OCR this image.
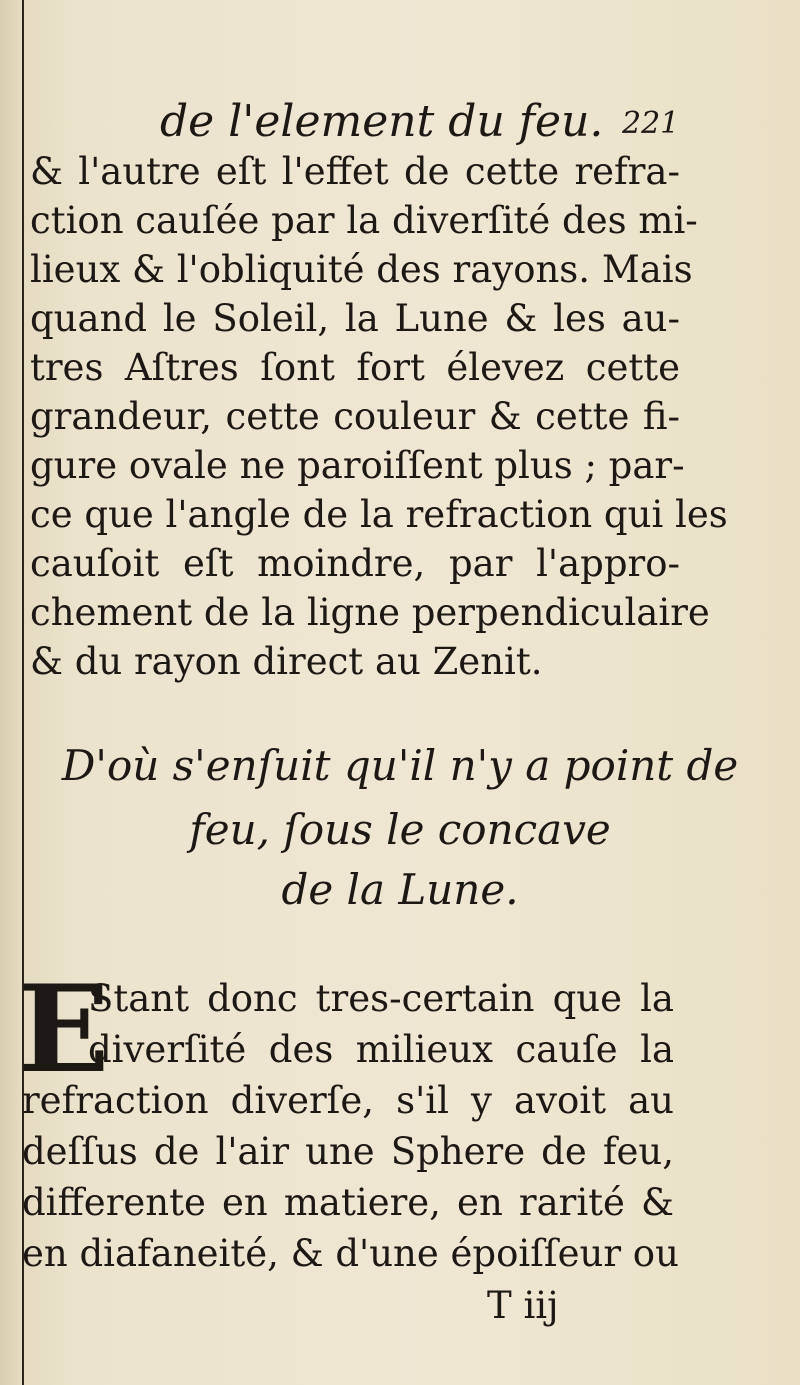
de l'element du feu. 221
& l'autre eſt l'effet de cette refra-
ction cauſée par la diverſité des mi-
lieux & l'obliquité des rayons. Mais
quand le Soleil, la Lune & les au-
tres Aſtres ſont fort élevez cette
grandeur, cette couleur & cette fi-
gure ovale ne paroiſſent plus ; par-
ce que l'angle de la refraction qui les
cauſoit eſt moindre, par l'appro-
chement de la ligne perpendiculaire
& du rayon direct au Zenit.
D'où s'enſuit qu'il n'y a point de
feu, ſous le concave
de la Lune.
E
Stant donc tres-certain que la
diverſité des milieux cauſe la
refraction diverſe, s'il y avoit au
deſſus de l'air une Sphere de feu,
differente en matiere, en rarité &
en diafaneité, & d'une époiſſeur ou
T iij
